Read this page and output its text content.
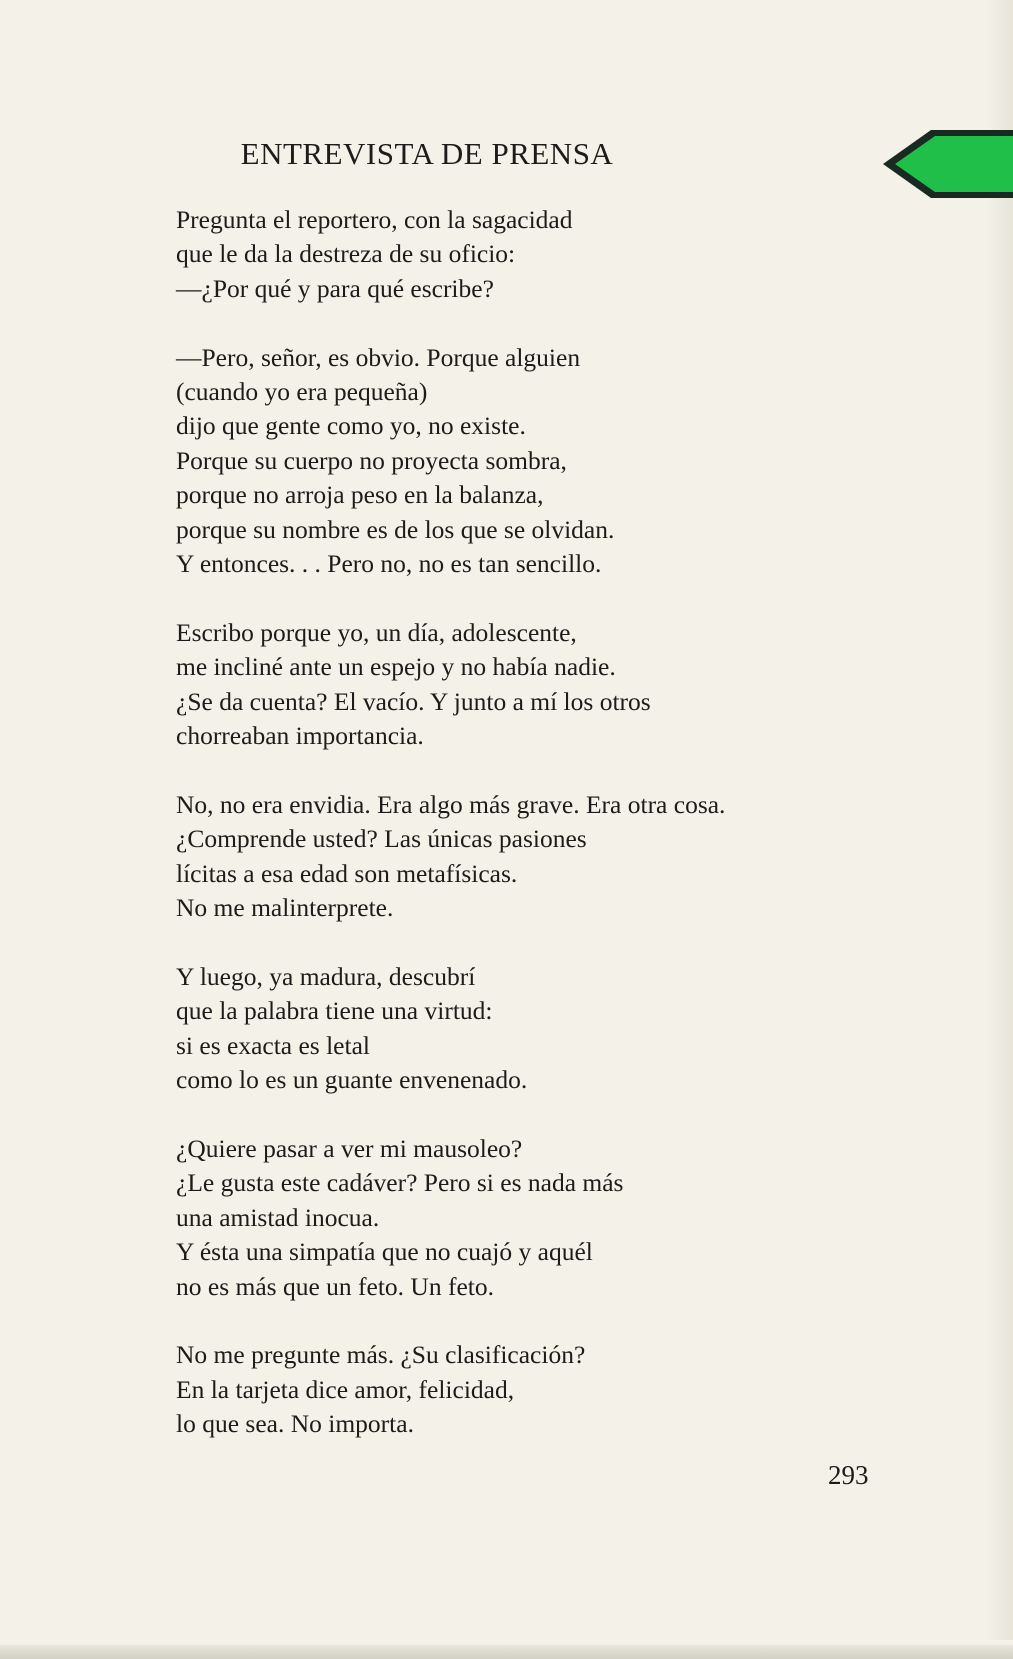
ENTREVISTA DE PRENSA
Pregunta el reportero, con la sagacidad
que le da la destreza de su oficio:
—¿Por qué y para qué escribe?
—Pero, señor, es obvio. Porque alguien
(cuando yo era pequeña)
dijo que gente como yo, no existe.
Porque su cuerpo no proyecta sombra,
porque no arroja peso en la balanza,
porque su nombre es de los que se olvidan.
Y entonces. . . Pero no, no es tan sencillo.
Escribo porque yo, un día, adolescente,
me incliné ante un espejo y no había nadie.
¿Se da cuenta? El vacío. Y junto a mí los otros
chorreaban importancia.
No, no era envidia. Era algo más grave. Era otra cosa.
¿Comprende usted? Las únicas pasiones
lícitas a esa edad son metafísicas.
No me malinterprete.
Y luego, ya madura, descubrí
que la palabra tiene una virtud:
si es exacta es letal
como lo es un guante envenenado.
¿Quiere pasar a ver mi mausoleo?
¿Le gusta este cadáver? Pero si es nada más
una amistad inocua.
Y ésta una simpatía que no cuajó y aquél
no es más que un feto. Un feto.
No me pregunte más. ¿Su clasificación?
En la tarjeta dice amor, felicidad,
lo que sea. No importa.
293
